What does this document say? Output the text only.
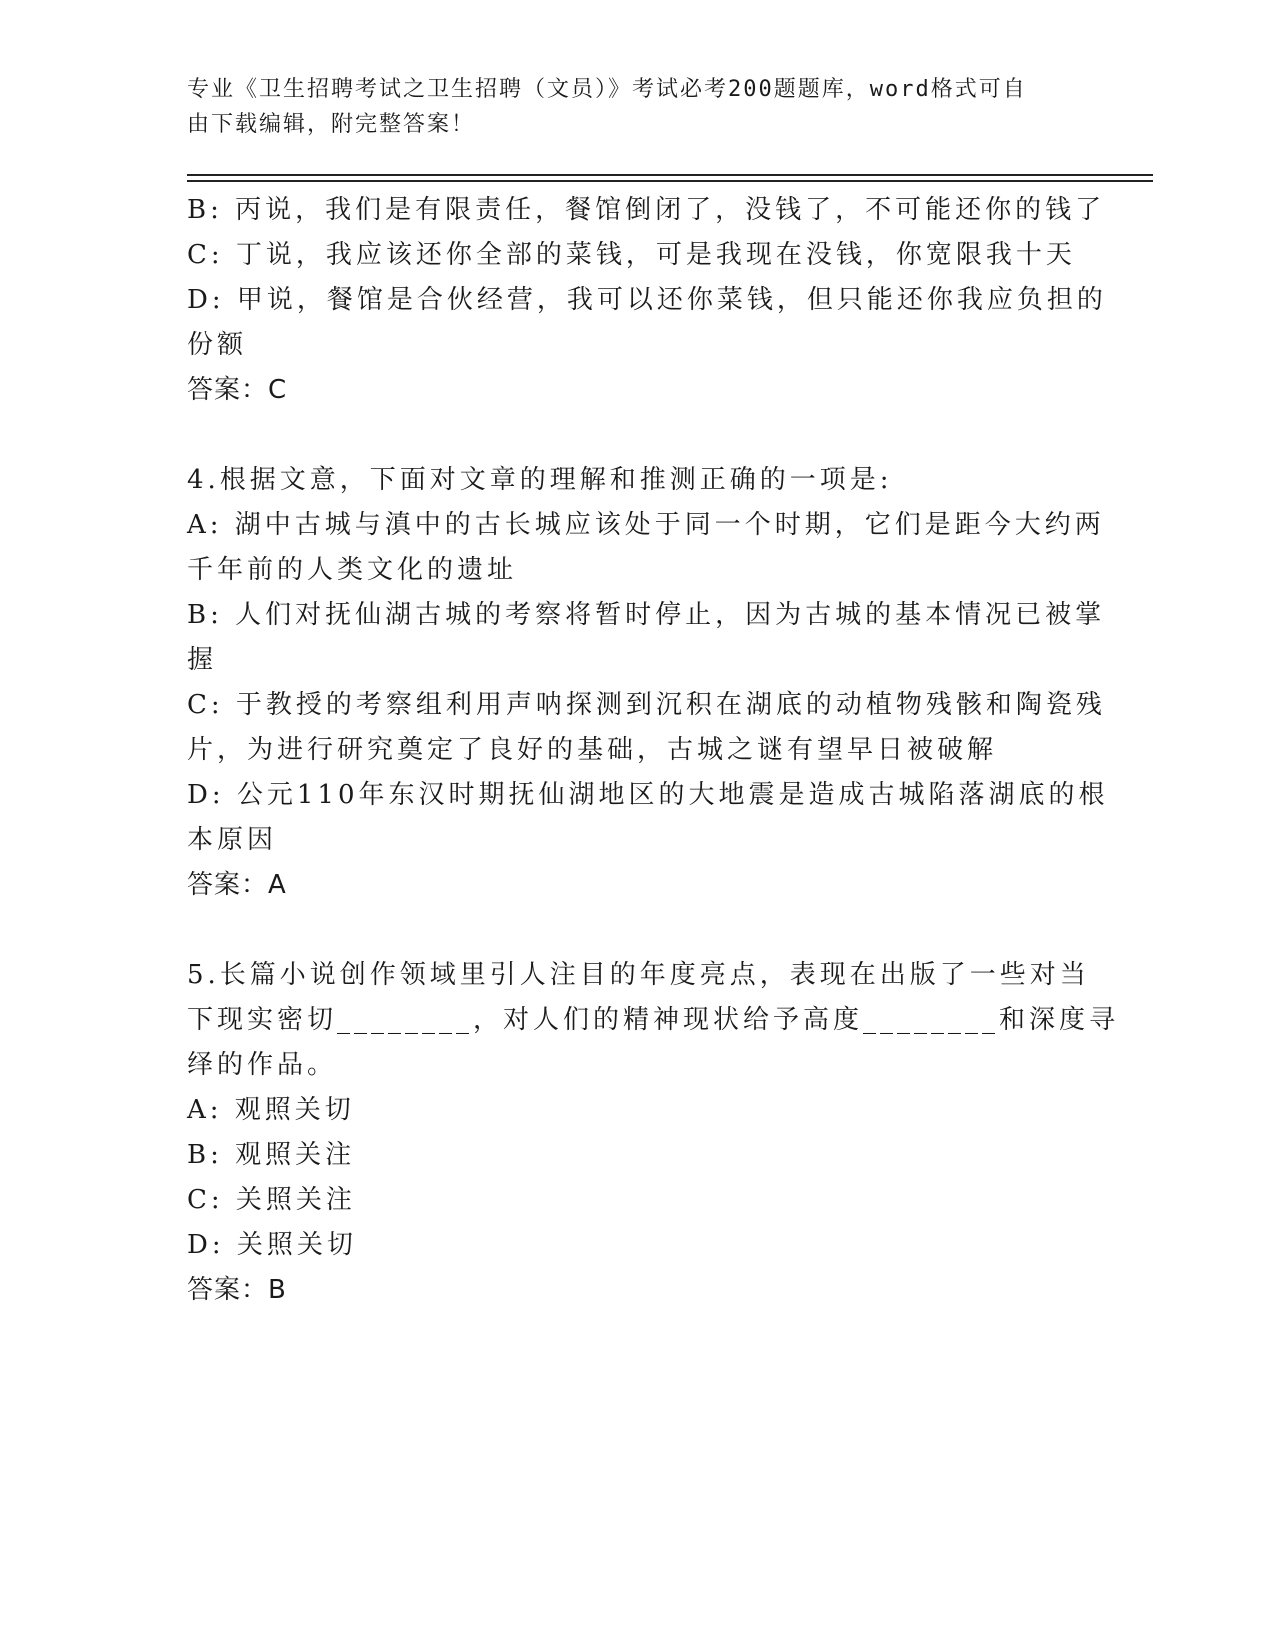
专业《卫生招聘考试之卫生招聘（文员）》考试必考200题题库，word格式可自
由下载编辑，附完整答案！
B: 丙说，我们是有限责任，餐馆倒闭了，没钱了，不可能还你的钱了
C: 丁说，我应该还你全部的菜钱，可是我现在没钱，你宽限我十天
D: 甲说，餐馆是合伙经营，我可以还你菜钱，但只能还你我应负担的
份额
答案：C
4.根据文意，下面对文章的理解和推测正确的一项是:
A: 湖中古城与滇中的古长城应该处于同一个时期，它们是距今大约两
千年前的人类文化的遗址
B: 人们对抚仙湖古城的考察将暂时停止，因为古城的基本情况已被掌
握
C: 于教授的考察组利用声呐探测到沉积在湖底的动植物残骸和陶瓷残
片，为进行研究奠定了良好的基础，古城之谜有望早日被破解
D: 公元110年东汉时期抚仙湖地区的大地震是造成古城陷落湖底的根
本原因
答案：A
5.长篇小说创作领域里引人注目的年度亮点，表现在出版了一些对当
下现实密切________，对人们的精神现状给予高度________和深度寻
绎的作品。
A: 观照关切
B: 观照关注
C: 关照关注
D: 关照关切
答案：B
